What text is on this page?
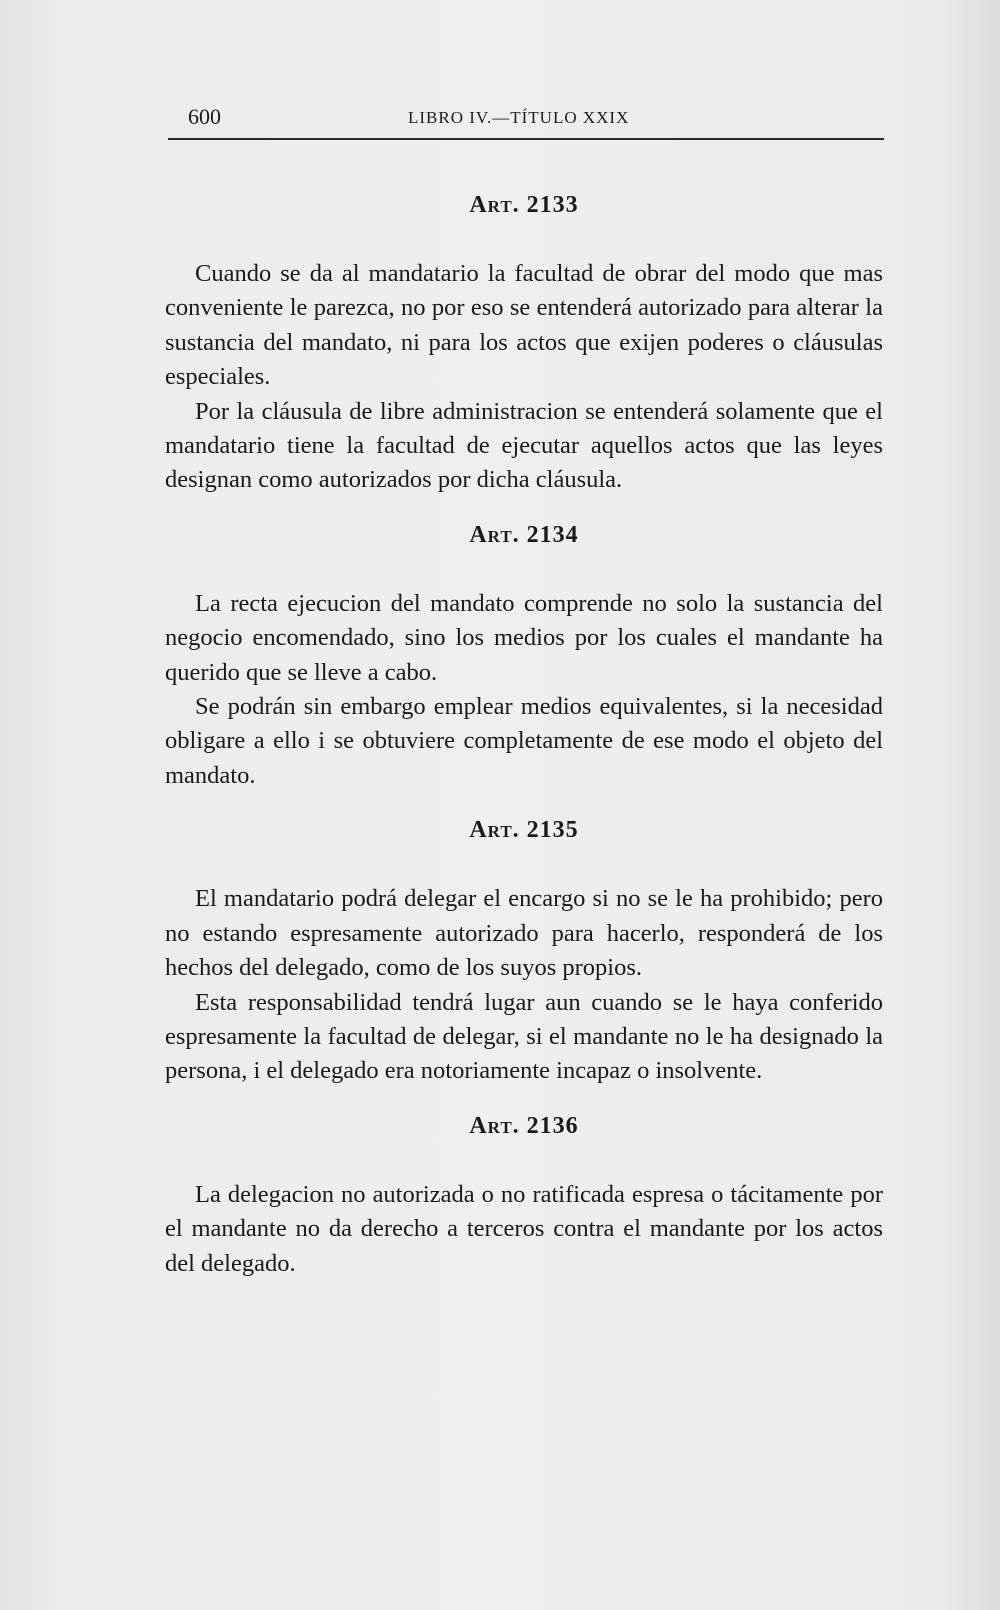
600	LIBRO IV.—TÍTULO XXIX
Art. 2133

Cuando se da al mandatario la facultad de obrar del modo que mas conveniente le parezca, no por eso se entenderá autorizado para alterar la sustancia del mandato, ni para los actos que exijen poderes o cláusulas especiales.

Por la cláusula de libre administracion se entenderá solamente que el mandatario tiene la facultad de ejecutar aquellos actos que las leyes designan como autorizados por dicha cláusula.

Art. 2134

La recta ejecucion del mandato comprende no solo la sustancia del negocio encomendado, sino los medios por los cuales el mandante ha querido que se lleve a cabo.

Se podrán sin embargo emplear medios equivalentes, si la necesidad obligare a ello i se obtuviere completamente de ese modo el objeto del mandato.

Art. 2135

El mandatario podrá delegar el encargo si no se le ha prohibido; pero no estando espresamente autorizado para hacerlo, responderá de los hechos del delegado, como de los suyos propios.

Esta responsabilidad tendrá lugar aun cuando se le haya conferido espresamente la facultad de delegar, si el mandante no le ha designado la persona, i el delegado era notoriamente incapaz o insolvente.

Art. 2136

La delegacion no autorizada o no ratificada espresa o tácitamente por el mandante no da derecho a terceros contra el mandante por los actos del delegado.
